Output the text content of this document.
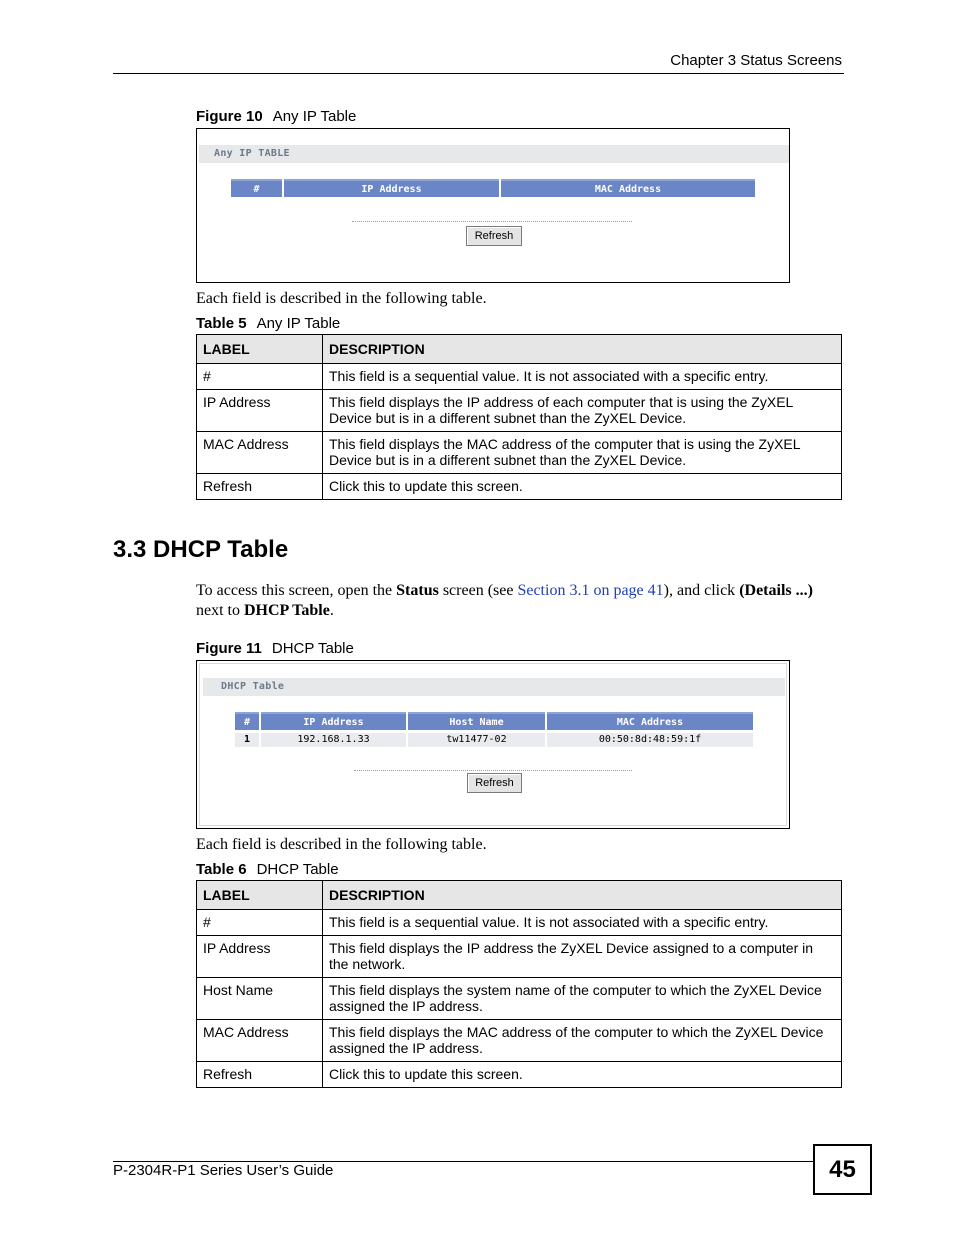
Chapter 3 Status Screens
Figure 10 Any IP Table
Any IP TABLE
#	IP Address	MAC Address
Refresh
Each field is described in the following table.
Table 5 Any IP Table
LABEL	DESCRIPTION
#	This field is a sequential value. It is not associated with a specific entry.
IP Address	This field displays the IP address of each computer that is using the ZyXEL Device but is in a different subnet than the ZyXEL Device.
MAC Address	This field displays the MAC address of the computer that is using the ZyXEL Device but is in a different subnet than the ZyXEL Device.
Refresh	Click this to update this screen.
3.3 DHCP Table
To access this screen, open the Status screen (see Section 3.1 on page 41), and click (Details ...) next to DHCP Table.
Figure 11 DHCP Table
DHCP Table
#	IP Address	Host Name	MAC Address
1	192.168.1.33	tw11477-02	00:50:8d:48:59:1f
Refresh
Each field is described in the following table.
Table 6 DHCP Table
LABEL	DESCRIPTION
#	This field is a sequential value. It is not associated with a specific entry.
IP Address	This field displays the IP address the ZyXEL Device assigned to a computer in the network.
Host Name	This field displays the system name of the computer to which the ZyXEL Device assigned the IP address.
MAC Address	This field displays the MAC address of the computer to which the ZyXEL Device assigned the IP address.
Refresh	Click this to update this screen.
P-2304R-P1 Series User’s Guide	45
